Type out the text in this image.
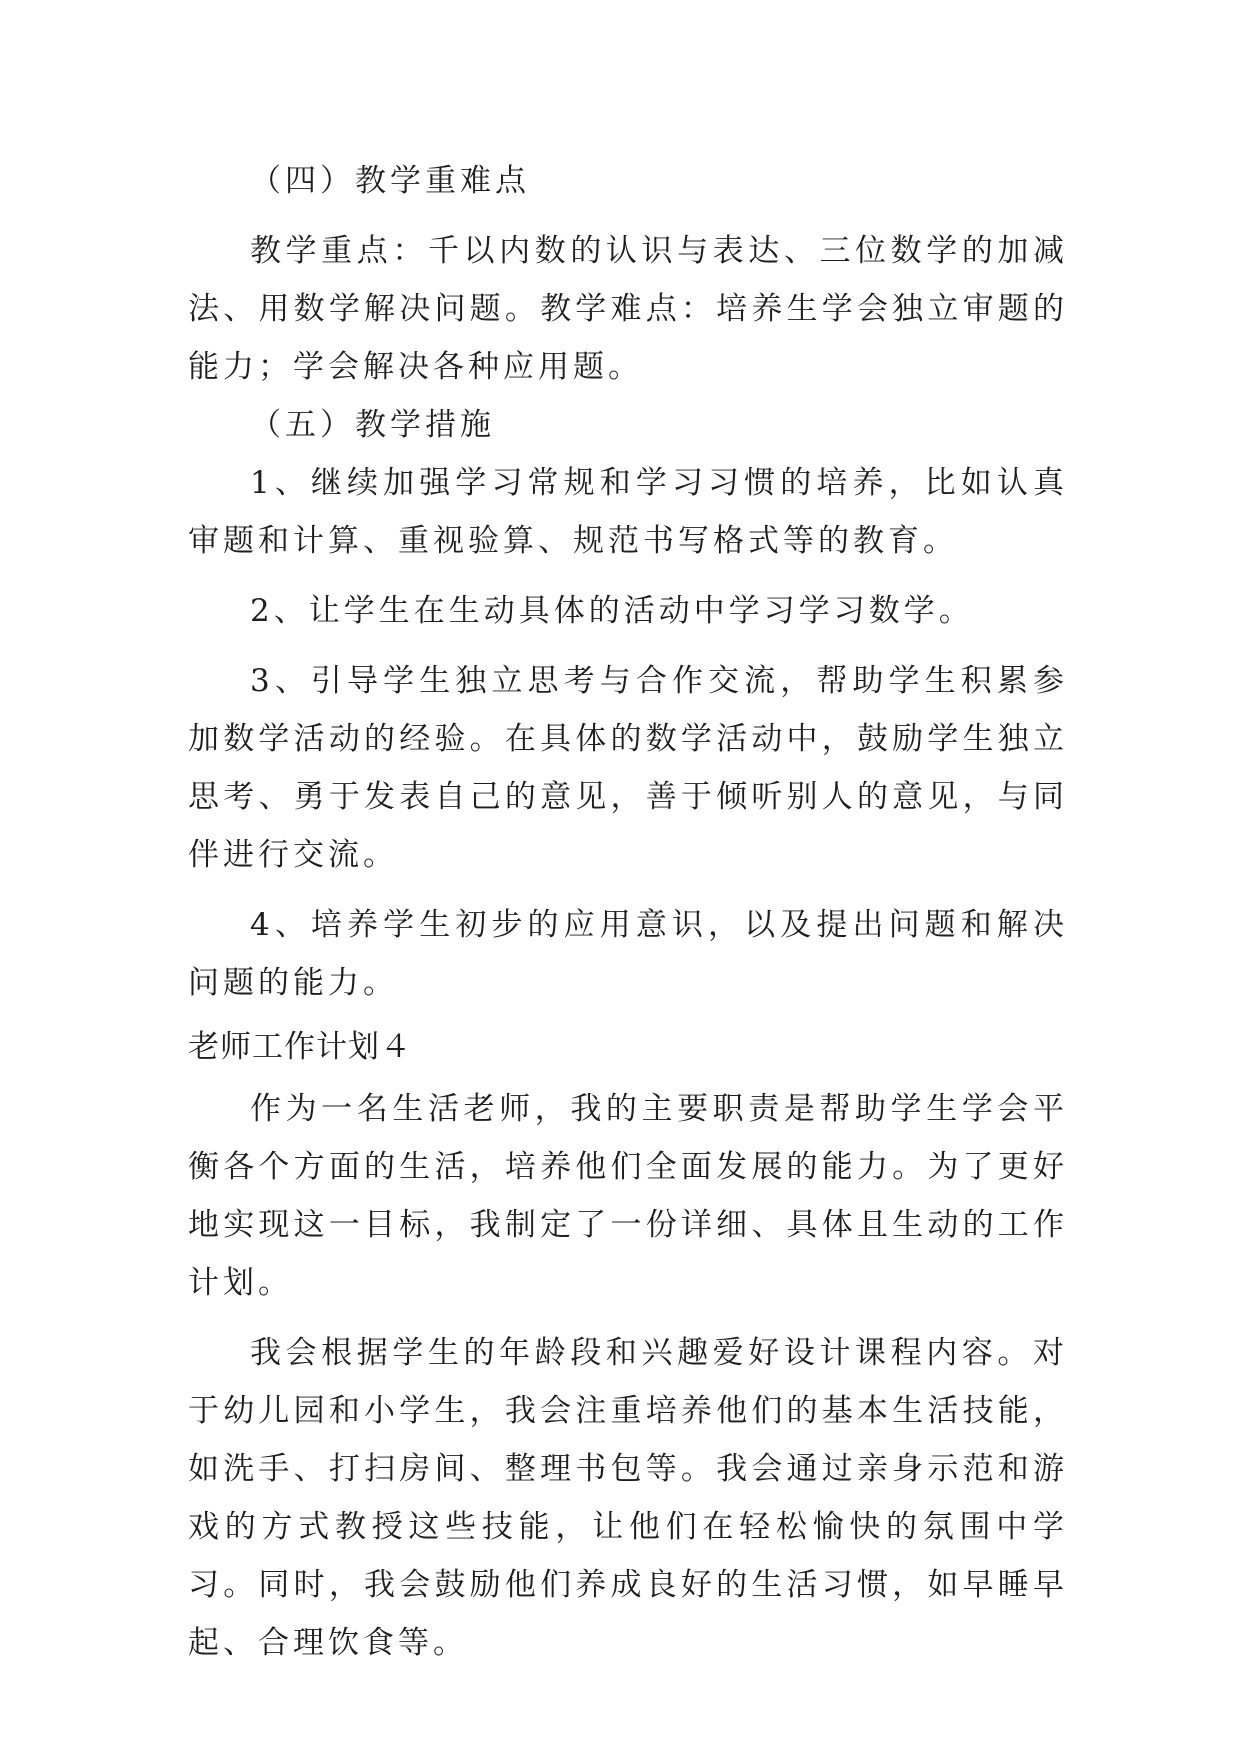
（四）教学重难点

教学重点：千以内数的认识与表达、三位数学的加减法、用数学解决问题。教学难点：培养生学会独立审题的能力；学会解决各种应用题。

（五）教学措施

1、继续加强学习常规和学习习惯的培养，比如认真审题和计算、重视验算、规范书写格式等的教育。

2、让学生在生动具体的活动中学习学习数学。

3、引导学生独立思考与合作交流，帮助学生积累参加数学活动的经验。在具体的数学活动中，鼓励学生独立思考、勇于发表自己的意见，善于倾听别人的意见，与同伴进行交流。

4、培养学生初步的应用意识，以及提出问题和解决问题的能力。

老师工作计划４

作为一名生活老师，我的主要职责是帮助学生学会平衡各个方面的生活，培养他们全面发展的能力。为了更好地实现这一目标，我制定了一份详细、具体且生动的工作计划。

我会根据学生的年龄段和兴趣爱好设计课程内容。对于幼儿园和小学生，我会注重培养他们的基本生活技能，如洗手、打扫房间、整理书包等。我会通过亲身示范和游戏的方式教授这些技能，让他们在轻松愉快的氛围中学习。同时，我会鼓励他们养成良好的生活习惯，如早睡早起、合理饮食等。
